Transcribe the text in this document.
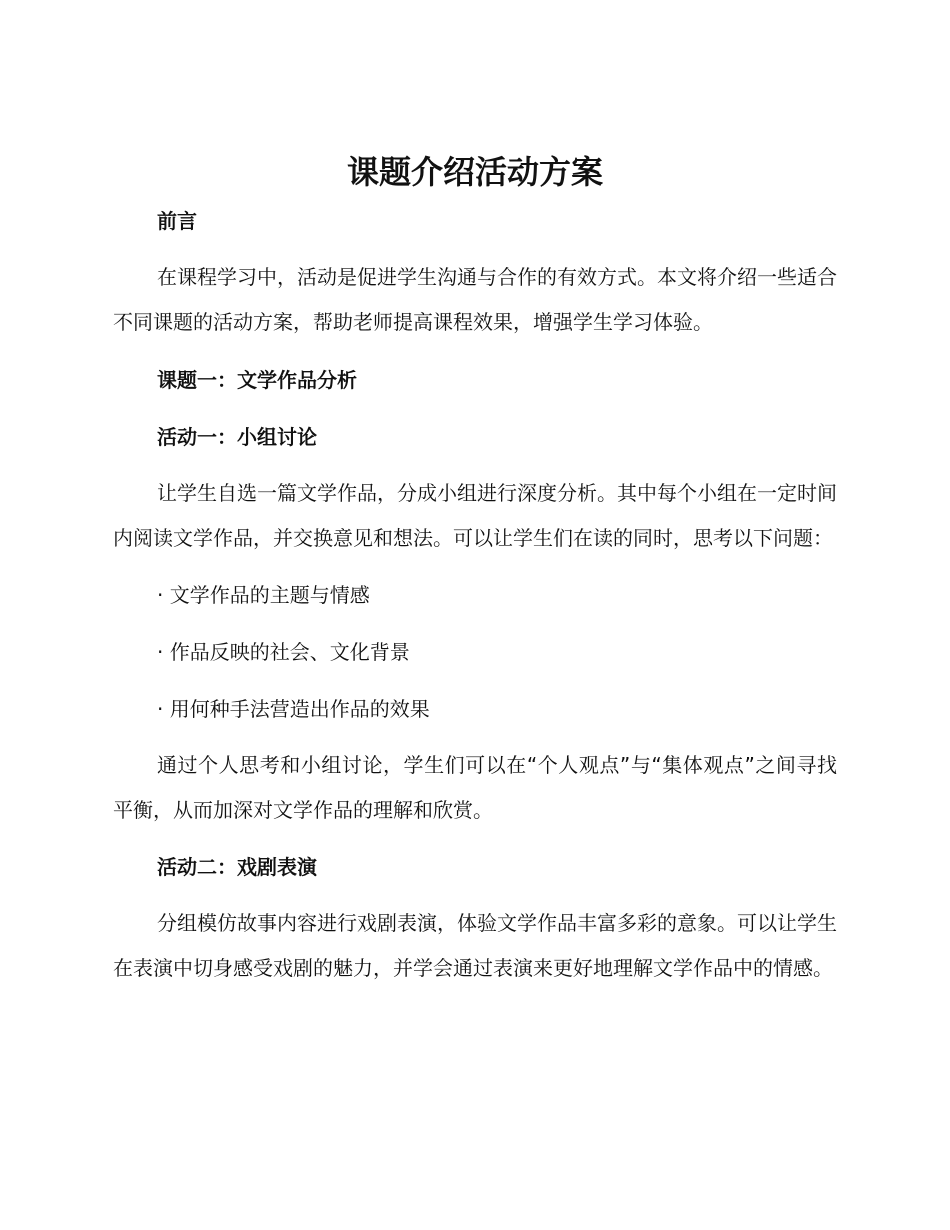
课题介绍活动方案

前言

在课程学习中，活动是促进学生沟通与合作的有效方式。本文将介绍一些适合不同课题的活动方案，帮助老师提高课程效果，增强学生学习体验。

课题一：文学作品分析

活动一：小组讨论

让学生自选一篇文学作品，分成小组进行深度分析。其中每个小组在一定时间内阅读文学作品，并交换意见和想法。可以让学生们在读的同时，思考以下问题：

· 文学作品的主题与情感

· 作品反映的社会、文化背景

· 用何种手法营造出作品的效果

通过个人思考和小组讨论，学生们可以在“个人观点”与“集体观点”之间寻找平衡，从而加深对文学作品的理解和欣赏。

活动二：戏剧表演

分组模仿故事内容进行戏剧表演，体验文学作品丰富多彩的意象。可以让学生在表演中切身感受戏剧的魅力，并学会通过表演来更好地理解文学作品中的情感。
